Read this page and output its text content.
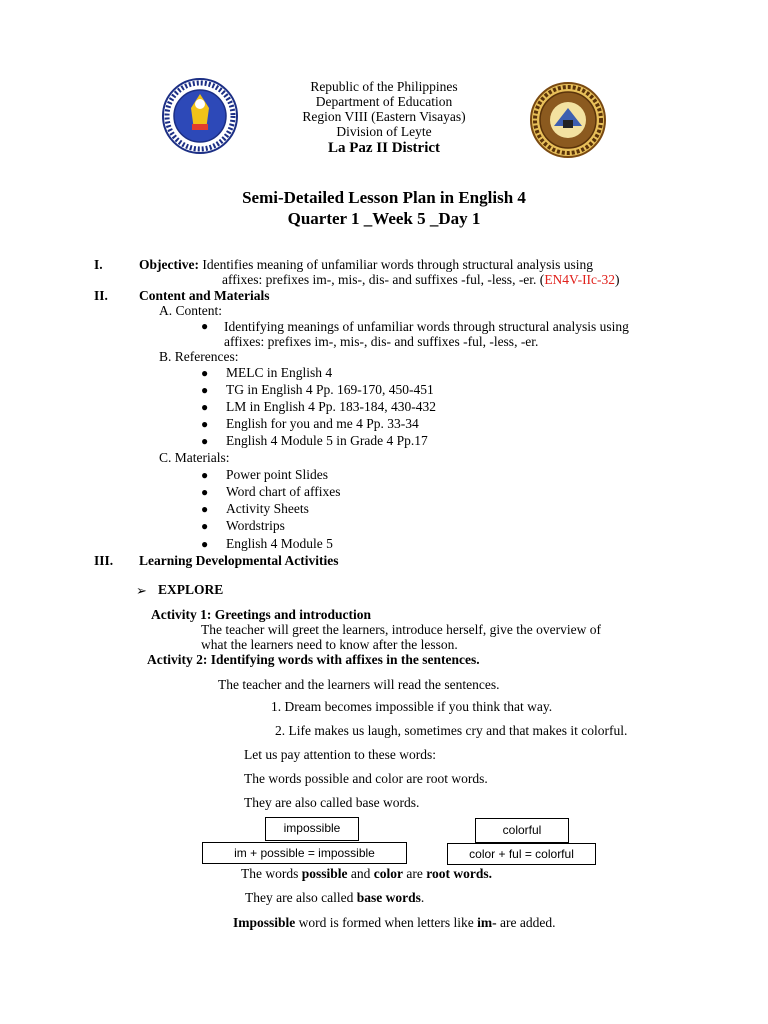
Republic of the Philippines
Department of Education
Region VIII (Eastern Visayas)
Division of Leyte
La Paz II District
Semi-Detailed Lesson Plan in English 4
Quarter 1 _Week 5 _Day 1
I.	Objective: Identifies meaning of unfamiliar words through structural analysis using
affixes: prefixes im-, mis-, dis- and suffixes -ful, -less, -er. (EN4V-IIc-32)
II. Content and Materials
A. Content:
● Identifying meanings of unfamiliar words through structural analysis using
affixes: prefixes im-, mis-, dis- and suffixes -ful, -less, -er.
B. References:
● MELC in English 4
● TG in English 4 Pp. 169-170, 450-451
● LM in English 4 Pp. 183-184, 430-432
● English for you and me 4 Pp. 33-34
● English 4 Module 5 in Grade 4 Pp.17
C. Materials:
● Power point Slides
● Word chart of affixes
● Activity Sheets
● Wordstrips
● English 4 Module 5
III. Learning Developmental Activities
➢ EXPLORE
Activity 1: Greetings and introduction
The teacher will greet the learners, introduce herself, give the overview of
what the learners need to know after the lesson.
Activity 2: Identifying words with affixes in the sentences.
The teacher and the learners will read the sentences.
1. Dream becomes impossible if you think that way.
2. Life makes us laugh, sometimes cry and that makes it colorful.
Let us pay attention to these words:
The words possible and color are root words.
They are also called base words.
impossible	colorful
im + possible = impossible	color + ful = colorful
The words possible and color are root words.
They are also called base words.
Impossible word is formed when letters like im- are added.
